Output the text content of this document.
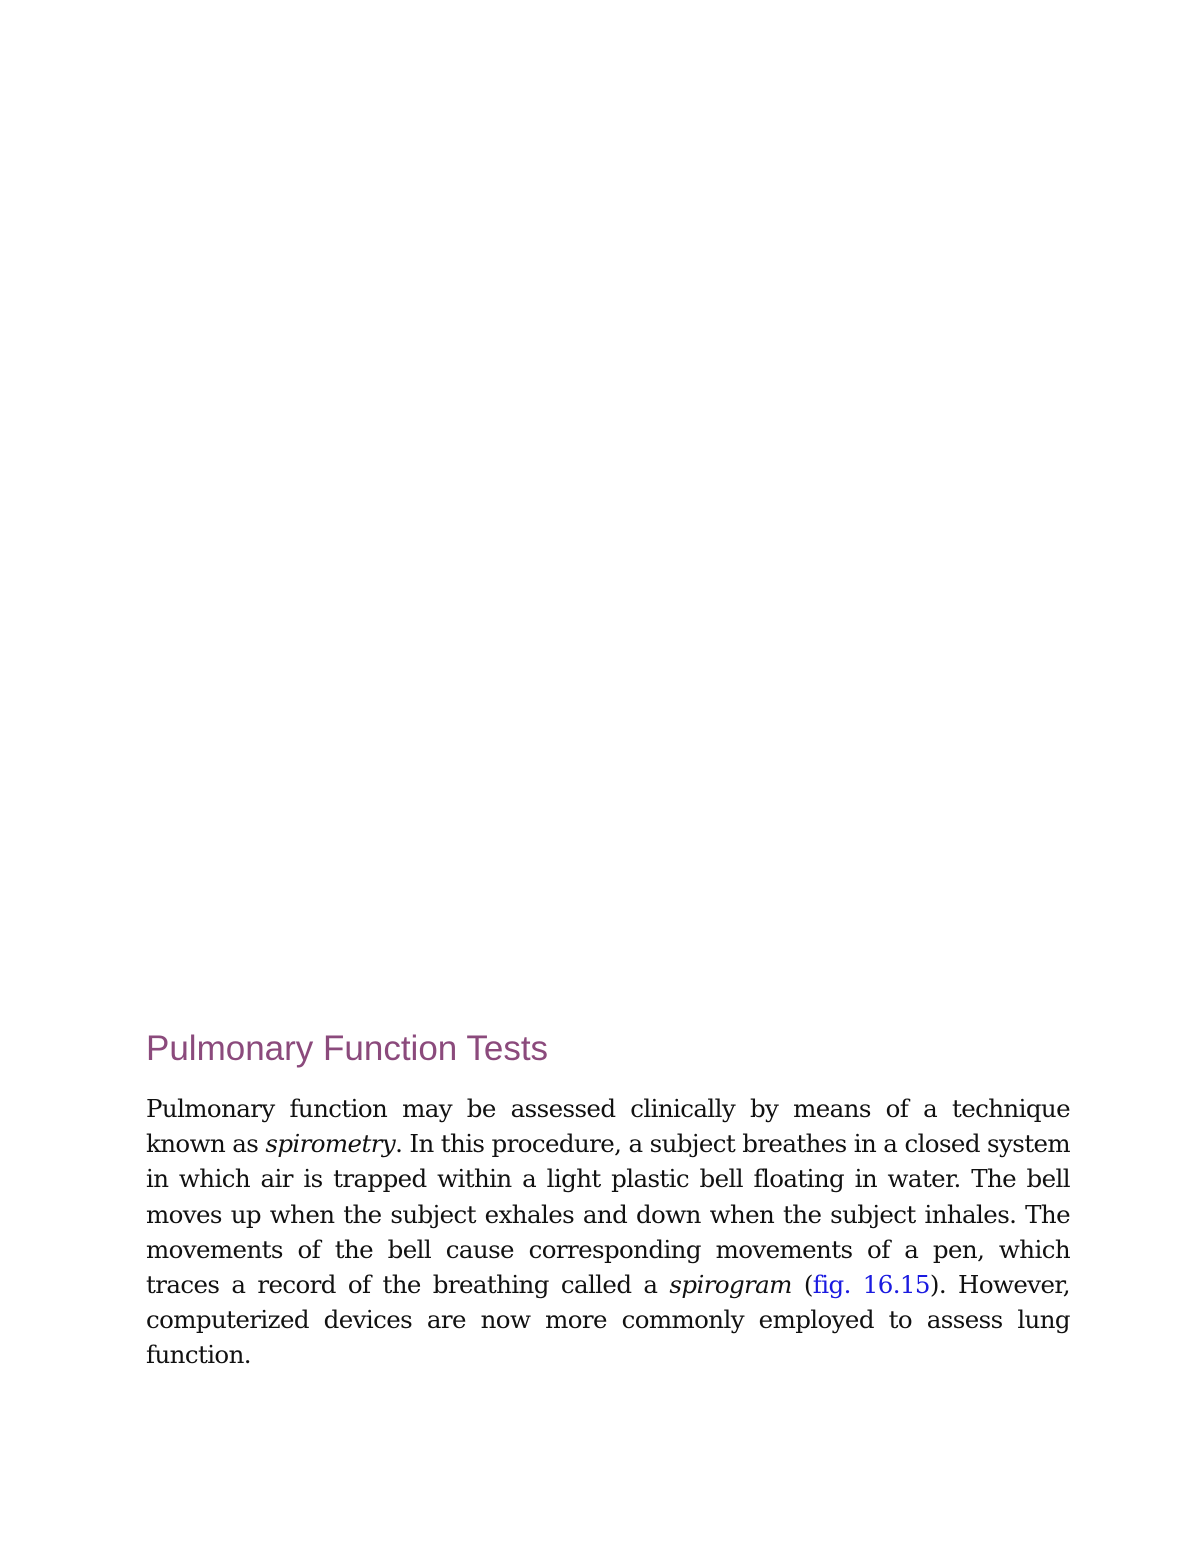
Pulmonary Function Tests

Pulmonary function may be assessed clinically by means of a technique known as spirometry. In this procedure, a subject breathes in a closed system in which air is trapped within a light plastic bell floating in water. The bell moves up when the subject exhales and down when the subject inhales. The movements of the bell cause corresponding movements of a pen, which traces a record of the breathing called a spirogram (fig. 16.15). However, computerized devices are now more commonly employed to assess lung function.
